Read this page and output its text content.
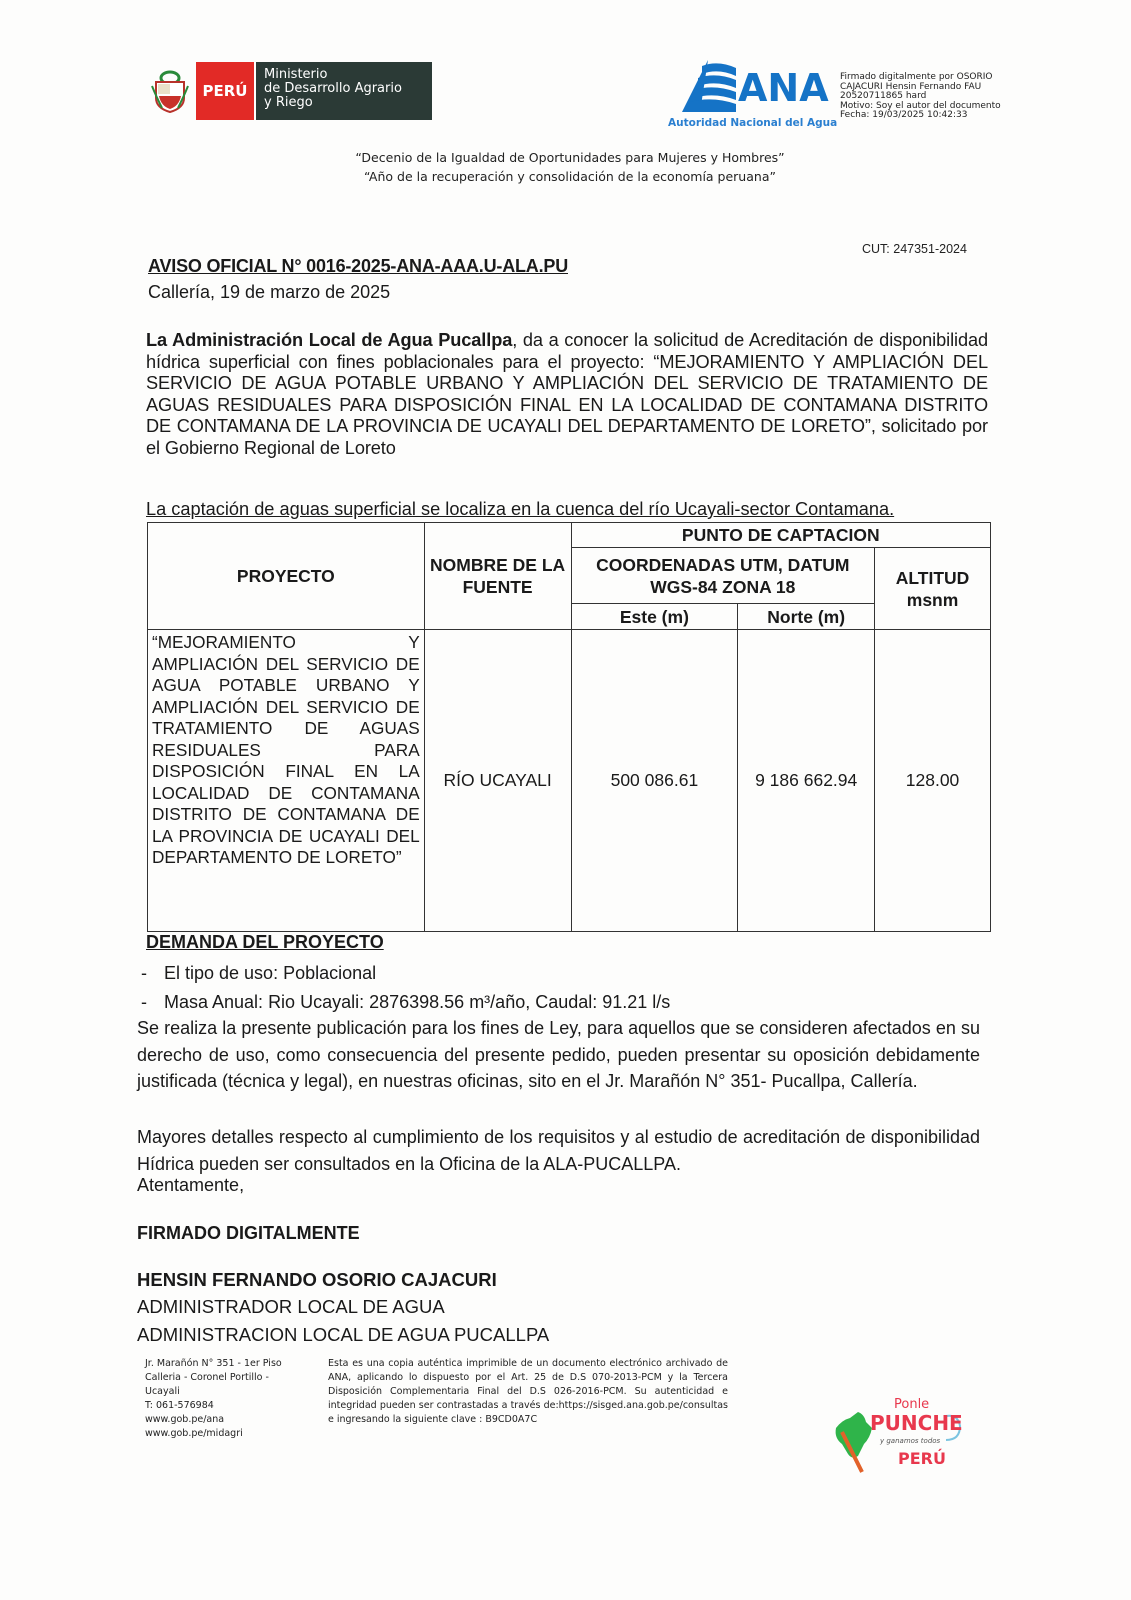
PERÚ
Ministerio
de Desarrollo Agrario
y Riego	ANA
Autoridad Nacional del Agua
Firmado digitalmente por OSORIO
CAJACURI Hensin Fernando FAU
20520711865 hard
Motivo: Soy el autor del documento
Fecha: 19/03/2025 10:42:33
“Decenio de la Igualdad de Oportunidades para Mujeres y Hombres”
“Año de la recuperación y consolidación de la economía peruana”
CUT: 247351-2024
AVISO OFICIAL N° 0016-2025-ANA-AAA.U-ALA.PU
Callería, 19 de marzo de 2025
La Administración Local de Agua Pucallpa, da a conocer la solicitud de Acreditación de disponibilidad hídrica superficial con fines poblacionales para el proyecto: “MEJORAMIENTO Y AMPLIACIÓN DEL SERVICIO DE AGUA POTABLE URBANO Y AMPLIACIÓN DEL SERVICIO DE TRATAMIENTO DE AGUAS RESIDUALES PARA DISPOSICIÓN FINAL EN LA LOCALIDAD DE CONTAMANA DISTRITO DE CONTAMANA DE LA PROVINCIA DE UCAYALI DEL DEPARTAMENTO DE LORETO”, solicitado por el Gobierno Regional de Loreto
La captación de aguas superficial se localiza en la cuenca del río Ucayali-sector Contamana.
PROYECTO	NOMBRE DE LA FUENTE	PUNTO DE CAPTACION		
		COORDENADAS UTM, DATUM WGS-84 ZONA 18		ALTITUD msnm
		Este (m)	Norte (m)	
“MEJORAMIENTO Y AMPLIACIÓN DEL SERVICIO DE AGUA POTABLE URBANO Y AMPLIACIÓN DEL SERVICIO DE TRATAMIENTO DE AGUAS RESIDUALES PARA DISPOSICIÓN FINAL EN LA LOCALIDAD DE CONTAMANA DISTRITO DE CONTAMANA DE LA PROVINCIA DE UCAYALI DEL DEPARTAMENTO DE LORETO”	RÍO UCAYALI	500 086.61	9 186 662.94	128.00
DEMANDA DEL PROYECTO
- El tipo de uso: Poblacional
- Masa Anual: Rio Ucayali: 2876398.56 m³/año, Caudal: 91.21 l/s
Se realiza la presente publicación para los fines de Ley, para aquellos que se consideren afectados en su derecho de uso, como consecuencia del presente pedido, pueden presentar su oposición debidamente justificada (técnica y legal), en nuestras oficinas, sito en el Jr. Marañón N° 351- Pucallpa, Callería.
Mayores detalles respecto al cumplimiento de los requisitos y al estudio de acreditación de disponibilidad Hídrica pueden ser consultados en la Oficina de la ALA-PUCALLPA.
Atentamente,
FIRMADO DIGITALMENTE
HENSIN FERNANDO OSORIO CAJACURI
ADMINISTRADOR LOCAL DE AGUA
ADMINISTRACION LOCAL DE AGUA PUCALLPA
Jr. Marañón N° 351 - 1er Piso
Calleria - Coronel Portillo -
Ucayali
T: 061-576984
www.gob.pe/ana
www.gob.pe/midagri
Esta es una copia auténtica imprimible de un documento electrónico archivado de ANA, aplicando lo dispuesto por el Art. 25 de D.S 070-2013-PCM y la Tercera Disposición Complementaria Final del D.S 026-2016-PCM. Su autenticidad e integridad pueden ser contrastadas a través de:https://sisged.ana.gob.pe/consultas e ingresando la siguiente clave : B9CD0A7C
Ponle
PUNCHE
y ganamos todos
PERÚ
